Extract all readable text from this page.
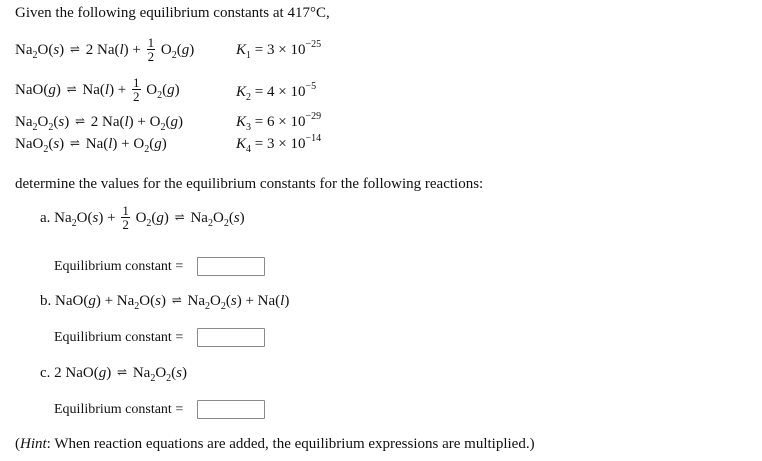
Given the following equilibrium constants at 417°C,
$Na_2O(s)$ ⇌ 2 $Na(l) + \frac{1}{2} O_2(g)$	$K_1 = 3 \times 10^{-25}$
NaO(g) ⇌ $Na(l) + \frac{1}{2} O_2(g)$	$K_2 = 4 \times 10^{-5}$
$Na_2O_2(s)$ ⇌ 2 $Na(l) + O_2(g)$	$K_3 = 6 \times 10^{-29}$
NaO$_2$(s) ⇌ $Na(l) + O_2(g)$	$K_4 = 3 \times 10^{-14}$
determine the values for the equilibrium constants for the following reactions:
a. $Na_2O(s) + \frac{1}{2} O_2(g)$ ⇌ $Na_2O_2(s)$
Equilibrium constant =
b. $NaO(g) + Na_2O(s)$ ⇌ $Na_2O_2(s) + Na(l)$
Equilibrium constant =
c. 2 NaO(g) ⇌ $Na_2O_2(s)$
Equilibrium constant =
(Hint: When reaction equations are added, the equilibrium expressions are multiplied.)
